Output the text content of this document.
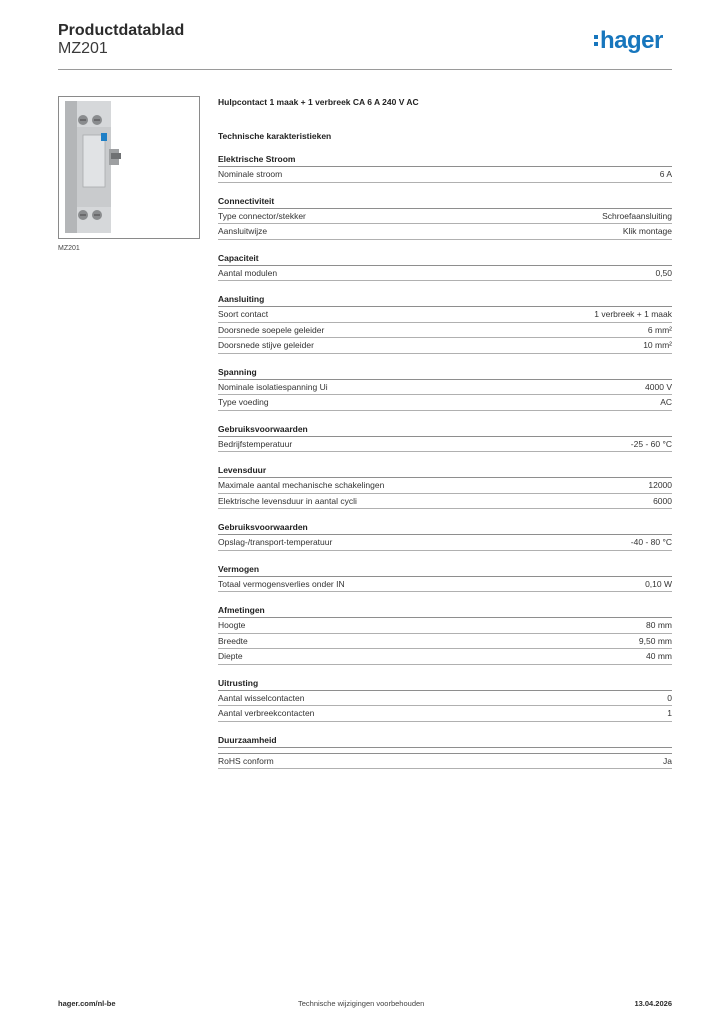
Productdatablad
MZ201	hager
MZ201
Hulpcontact 1 maak + 1 verbreek CA 6 A 240 V AC
Technische karakteristieken
Elektrische Stroom
Nominale stroom	6 A
Connectiviteit
Type connector/stekker	Schroefaansluiting
Aansluitwijze	Klik montage
Capaciteit
Aantal modulen	0,50
Aansluiting
Soort contact	1 verbreek + 1 maak
Doorsnede soepele geleider	6 mm²
Doorsnede stijve geleider	10 mm²
Spanning
Nominale isolatiespanning Ui	4000 V
Type voeding	AC
Gebruiksvoorwaarden
Bedrijfstemperatuur	-25 - 60 °C
Levensduur
Maximale aantal mechanische schakelingen	12000
Elektrische levensduur in aantal cycli	6000
Gebruiksvoorwaarden
Opslag-/transport-temperatuur	-40 - 80 °C
Vermogen
Totaal vermogensverlies onder IN	0,10 W
Afmetingen
Hoogte	80 mm
Breedte	9,50 mm
Diepte	40 mm
Uitrusting
Aantal wisselcontacten	0
Aantal verbreekcontacten	1
Duurzaamheid
RoHS conform	Ja
hager.com/nl-be	Technische wijzigingen voorbehouden	13.04.2026
